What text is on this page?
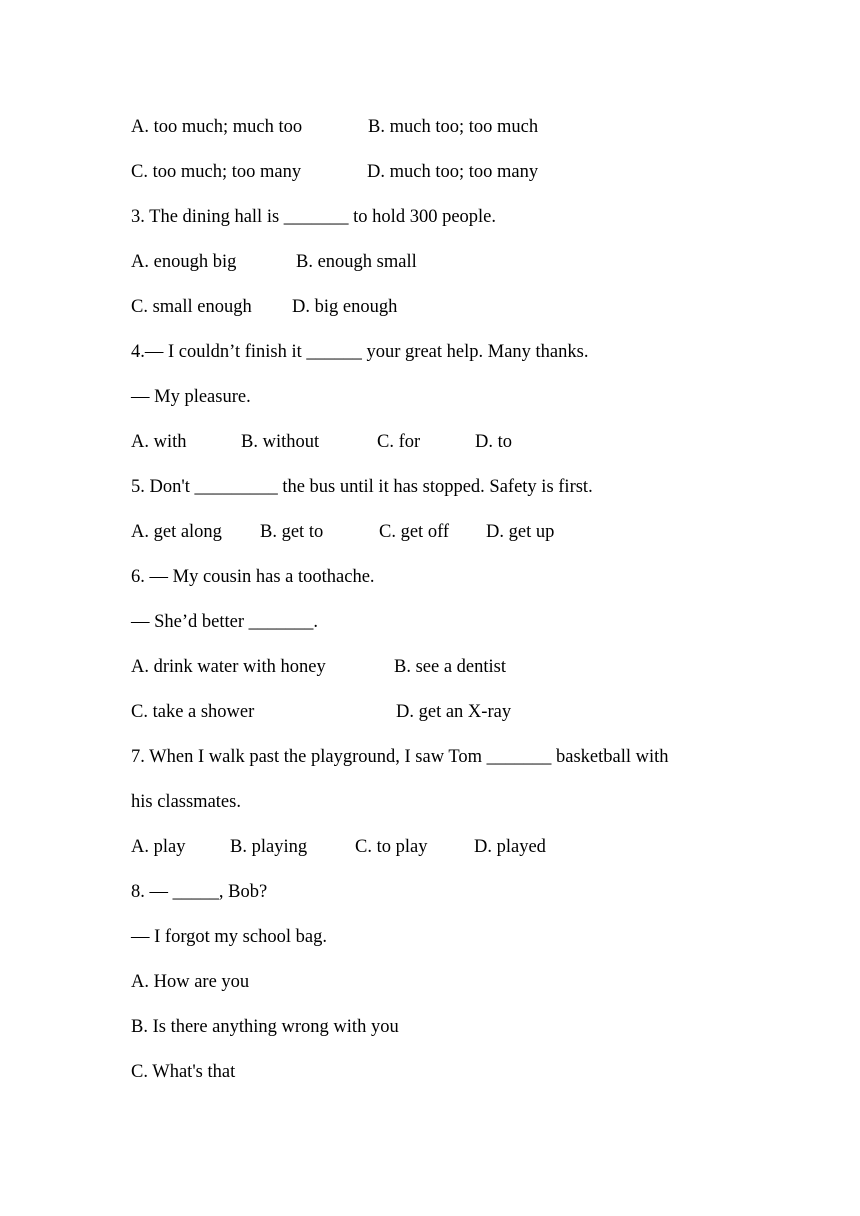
A. too much; much too

	B. much too; too much

C. too much; too many

	D. much too; too many

3. The dining hall is _______ to hold 300 people.

A. enough big

	B. enough small

C. small enough

D. big enough

4.— I couldn’t finish it ______ your great help. Many thanks.
— My pleasure.

A. with

	B. without

	C. for

	D. to

5. Don't _________ the bus until it has stopped. Safety is first.

A. get along

B. get to

	C. get off

D. get up

6. — My cousin has a toothache.
— She’d better _______.

A. drink water with honey

	B. see a dentist

C. take a shower

	D. get an X-ray

7. When I walk past the playground, I saw Tom _______ basketball with
his classmates.

A. play

B. playing

	C. to play

	D. played

8. — _____, Bob?
— I forgot my school bag.
A. How are you
B. Is there anything wrong with you
C. What's that
